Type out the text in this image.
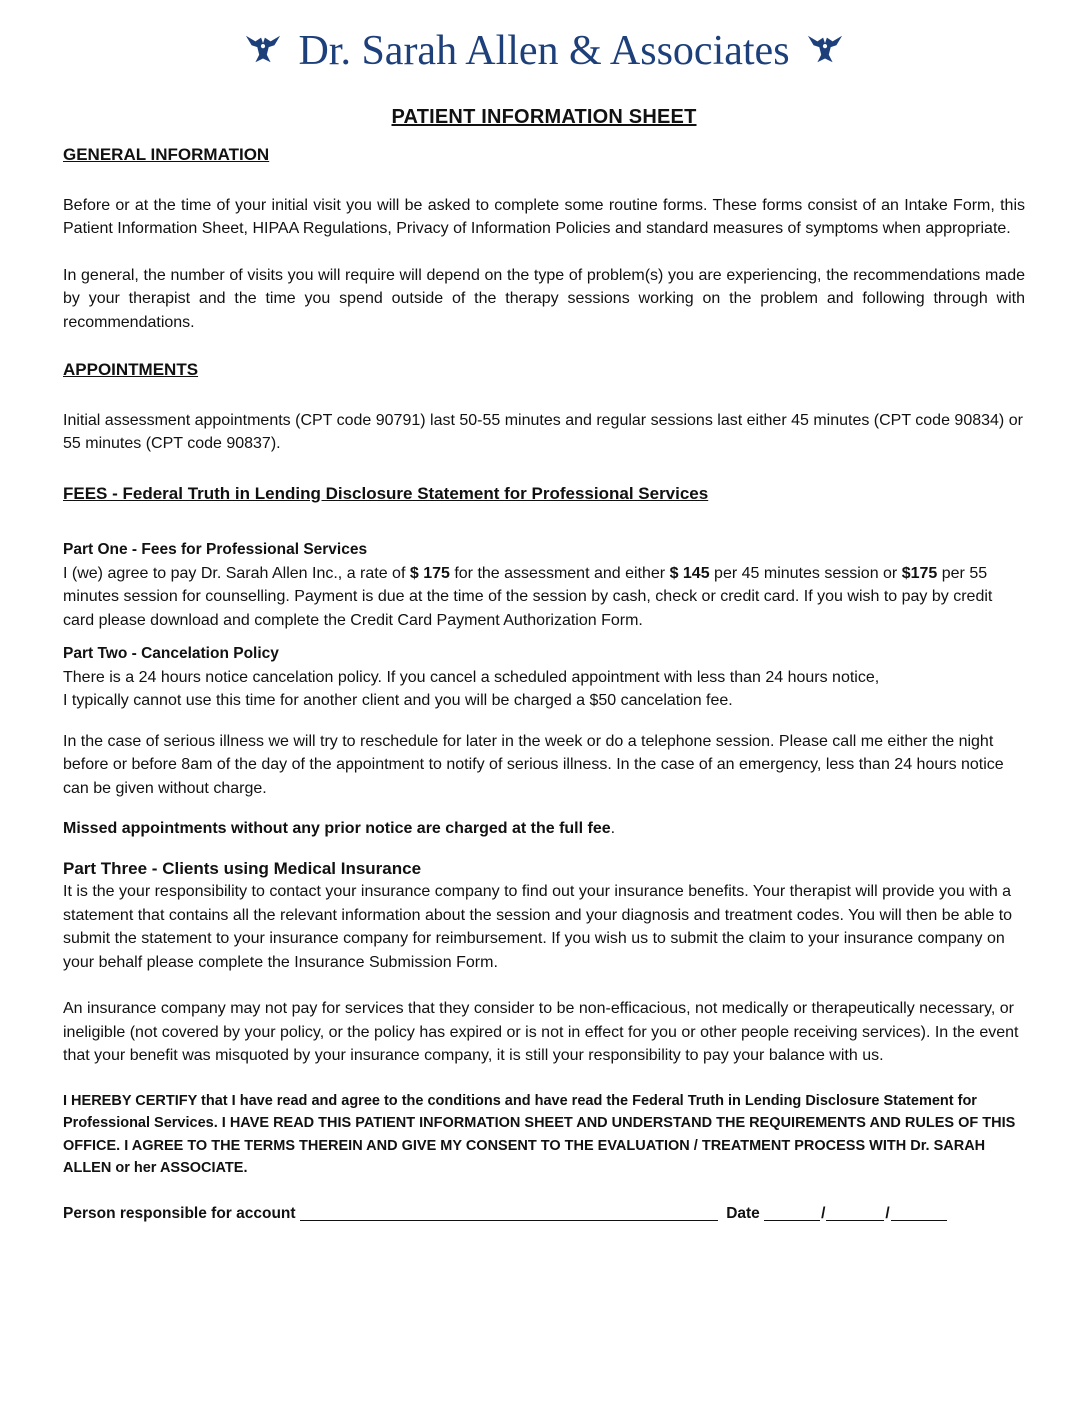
Dr. Sarah Allen & Associates
PATIENT INFORMATION SHEET

GENERAL INFORMATION

Before or at the time of your initial visit you will be asked to complete some routine forms. These forms consist of an Intake Form, this Patient Information Sheet, HIPAA Regulations, Privacy of Information Policies and standard measures of symptoms when appropriate.

In general, the number of visits you will require will depend on the type of problem(s) you are experiencing, the recommendations made by your therapist and the time you spend outside of the therapy sessions working on the problem and following through with recommendations.

APPOINTMENTS

Initial assessment appointments (CPT code 90791) last 50-55 minutes and regular sessions last either 45 minutes (CPT code 90834) or 55 minutes (CPT code 90837).

FEES - Federal Truth in Lending Disclosure Statement for Professional Services

Part One - Fees for Professional Services

I (we) agree to pay Dr. Sarah Allen Inc., a rate of $ 175 for the assessment and either $ 145 per 45 minutes session or $175 per 55 minutes session for counselling. Payment is due at the time of the session by cash, check or credit card. If you wish to pay by credit card please download and complete the Credit Card Payment Authorization Form.

Part Two - Cancelation Policy

There is a 24 hours notice cancelation policy. If you cancel a scheduled appointment with less than 24 hours notice,
I typically cannot use this time for another client and you will be charged a $50 cancelation fee.

In the case of serious illness we will try to reschedule for later in the week or do a telephone session. Please call me either the night before or before 8am of the day of the appointment to notify of serious illness. In the case of an emergency, less than 24 hours notice can be given without charge.

Missed appointments without any prior notice are charged at the full fee.

Part Three - Clients using Medical Insurance

It is the your responsibility to contact your insurance company to find out your insurance benefits. Your therapist will provide you with a statement that contains all the relevant information about the session and your diagnosis and treatment codes. You will then be able to submit the statement to your insurance company for reimbursement. If you wish us to submit the claim to your insurance company on your behalf please complete the Insurance Submission Form.

An insurance company may not pay for services that they consider to be non-efficacious, not medically or therapeutically necessary, or ineligible (not covered by your policy, or the policy has expired or is not in effect for you or other people receiving services). In the event that your benefit was misquoted by your insurance company, it is still your responsibility to pay your balance with us.

I HEREBY CERTIFY that I have read and agree to the conditions and have read the Federal Truth in Lending Disclosure Statement for Professional Services. I HAVE READ THIS PATIENT INFORMATION SHEET AND UNDERSTAND THE REQUIREMENTS AND RULES OF THIS OFFICE. I AGREE TO THE TERMS THEREIN AND GIVE MY CONSENT TO THE EVALUATION / TREATMENT PROCESS WITH Dr. SARAH ALLEN or her ASSOCIATE.

Person responsible for account	Date	/	/
